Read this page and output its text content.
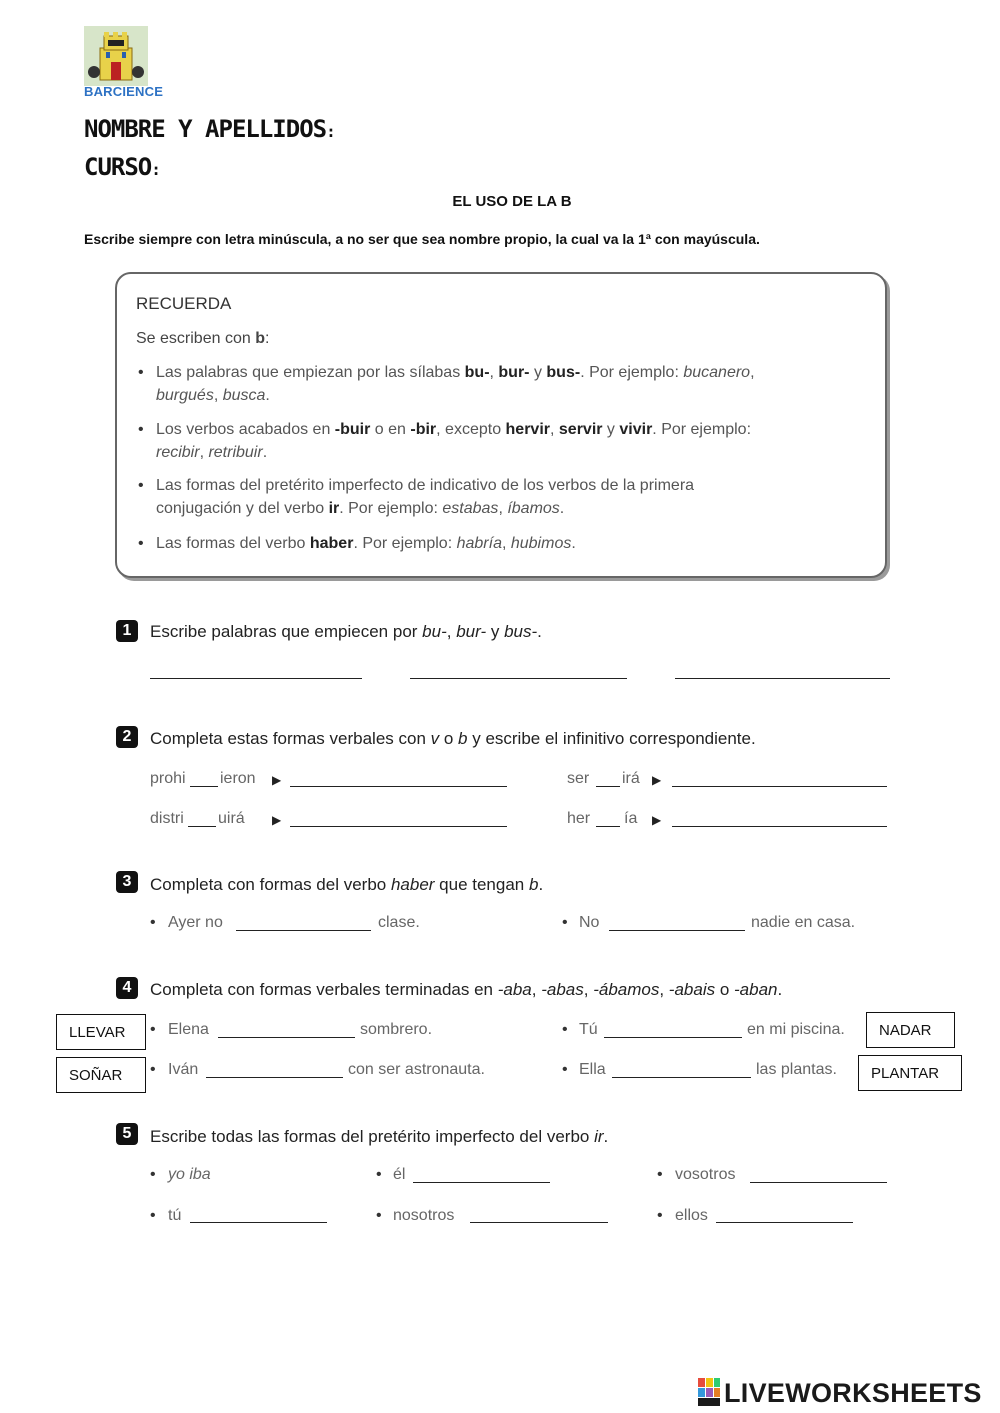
BARCIENCE
NOMBRE Y APELLIDOS:
CURSO:
EL USO DE LA B
Escribe siempre con letra minúscula, a no ser que sea nombre propio, la cual va la 1ª con mayúscula.
RECUERDA
Se escriben con b:
• Las palabras que empiezan por las sílabas bu-, bur- y bus-. Por ejemplo: bucanero,
burgués, busca.
• Los verbos acabados en -buir o en -bir, excepto hervir, servir y vivir. Por ejemplo:
recibir, retribuir.
• Las formas del pretérito imperfecto de indicativo de los verbos de la primera
conjugación y del verbo ir. Por ejemplo: estabas, íbamos.
• Las formas del verbo haber. Por ejemplo: habría, hubimos.
1	Escribe palabras que empiecen por bu-, bur- y bus-.
2	Completa estas formas verbales con v o b y escribe el infinitivo correspondiente.
prohi ieron ▶	ser irá ▶
distri uirá ▶	her ía ▶
3	Completa con formas del verbo haber que tengan b.
• Ayer no	clase.	• No	nadie en casa.
4	Completa con formas verbales terminadas en -aba, -abas, -ábamos, -abais o -aban.
LLEVAR	• Elena	sombrero.	• Tú	en mi piscina.	NADAR
SOÑAR	• Iván	con ser astronauta.	• Ella	las plantas.	PLANTAR
5	Escribe todas las formas del pretérito imperfecto del verbo ir.
• yo iba	• él	• vosotros
• tú	• nosotros	• ellos
LIVEWORKSHEETS
